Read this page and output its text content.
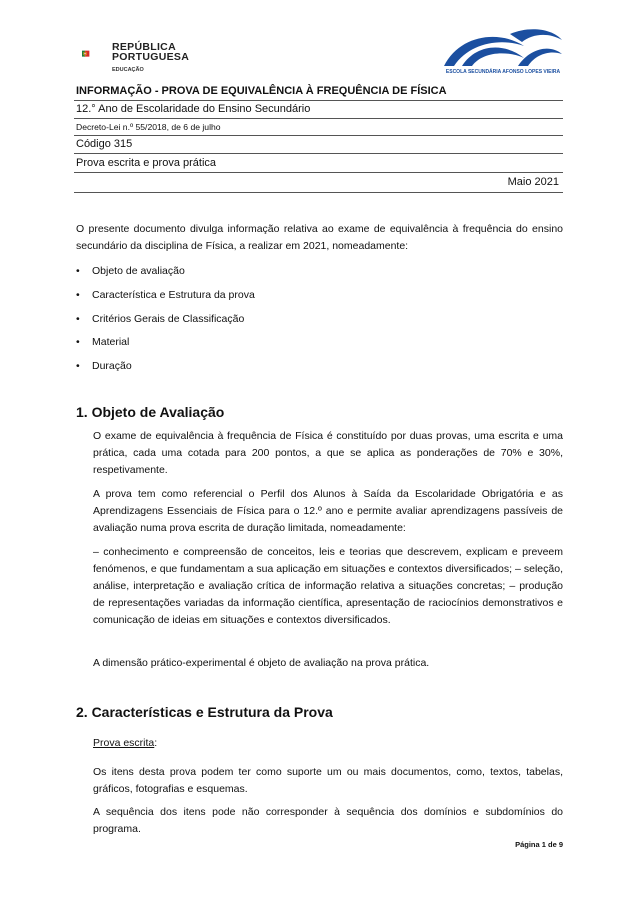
REPÚBLICA
PORTUGUESA
EDUCAÇÃO	ESCOLA SECUNDÁRIA AFONSO LOPES VIEIRA
INFORMAÇÃO - PROVA DE EQUIVALÊNCIA À FREQUÊNCIA DE FÍSICA
12.° Ano de Escolaridade do Ensino Secundário
Decreto-Lei n.º 55/2018, de 6 de julho
Código 315
Prova escrita e prova prática
Maio 2021
O presente documento divulga informação relativa ao exame de equivalência à frequência do ensino secundário da disciplina de Física, a realizar em 2021, nomeadamente:
• Objeto de avaliação
• Característica e Estrutura da prova
• Critérios Gerais de Classificação
• Material
• Duração
1. Objeto de Avaliação
O exame de equivalência à frequência de Física é constituído por duas provas, uma escrita e uma prática, cada uma cotada para 200 pontos, a que se aplica as ponderações de 70% e 30%, respetivamente.
A prova tem como referencial o Perfil dos Alunos à Saída da Escolaridade Obrigatória e as Aprendizagens Essenciais de Física para o 12.º ano e permite avaliar aprendizagens passíveis de avaliação numa prova escrita de duração limitada, nomeadamente:
– conhecimento e compreensão de conceitos, leis e teorias que descrevem, explicam e preveem fenómenos, e que fundamentam a sua aplicação em situações e contextos diversificados; – seleção, análise, interpretação e avaliação crítica de informação relativa a situações concretas; – produção de representações variadas da informação científica, apresentação de raciocínios demonstrativos e comunicação de ideias em situações e contextos diversificados.
A dimensão prático-experimental é objeto de avaliação na prova prática.
2. Características e Estrutura da Prova
Prova escrita:
Os itens desta prova podem ter como suporte um ou mais documentos, como, textos, tabelas, gráficos, fotografias e esquemas.
A sequência dos itens pode não corresponder à sequência dos domínios e subdomínios do programa.
Página 1 de 9
